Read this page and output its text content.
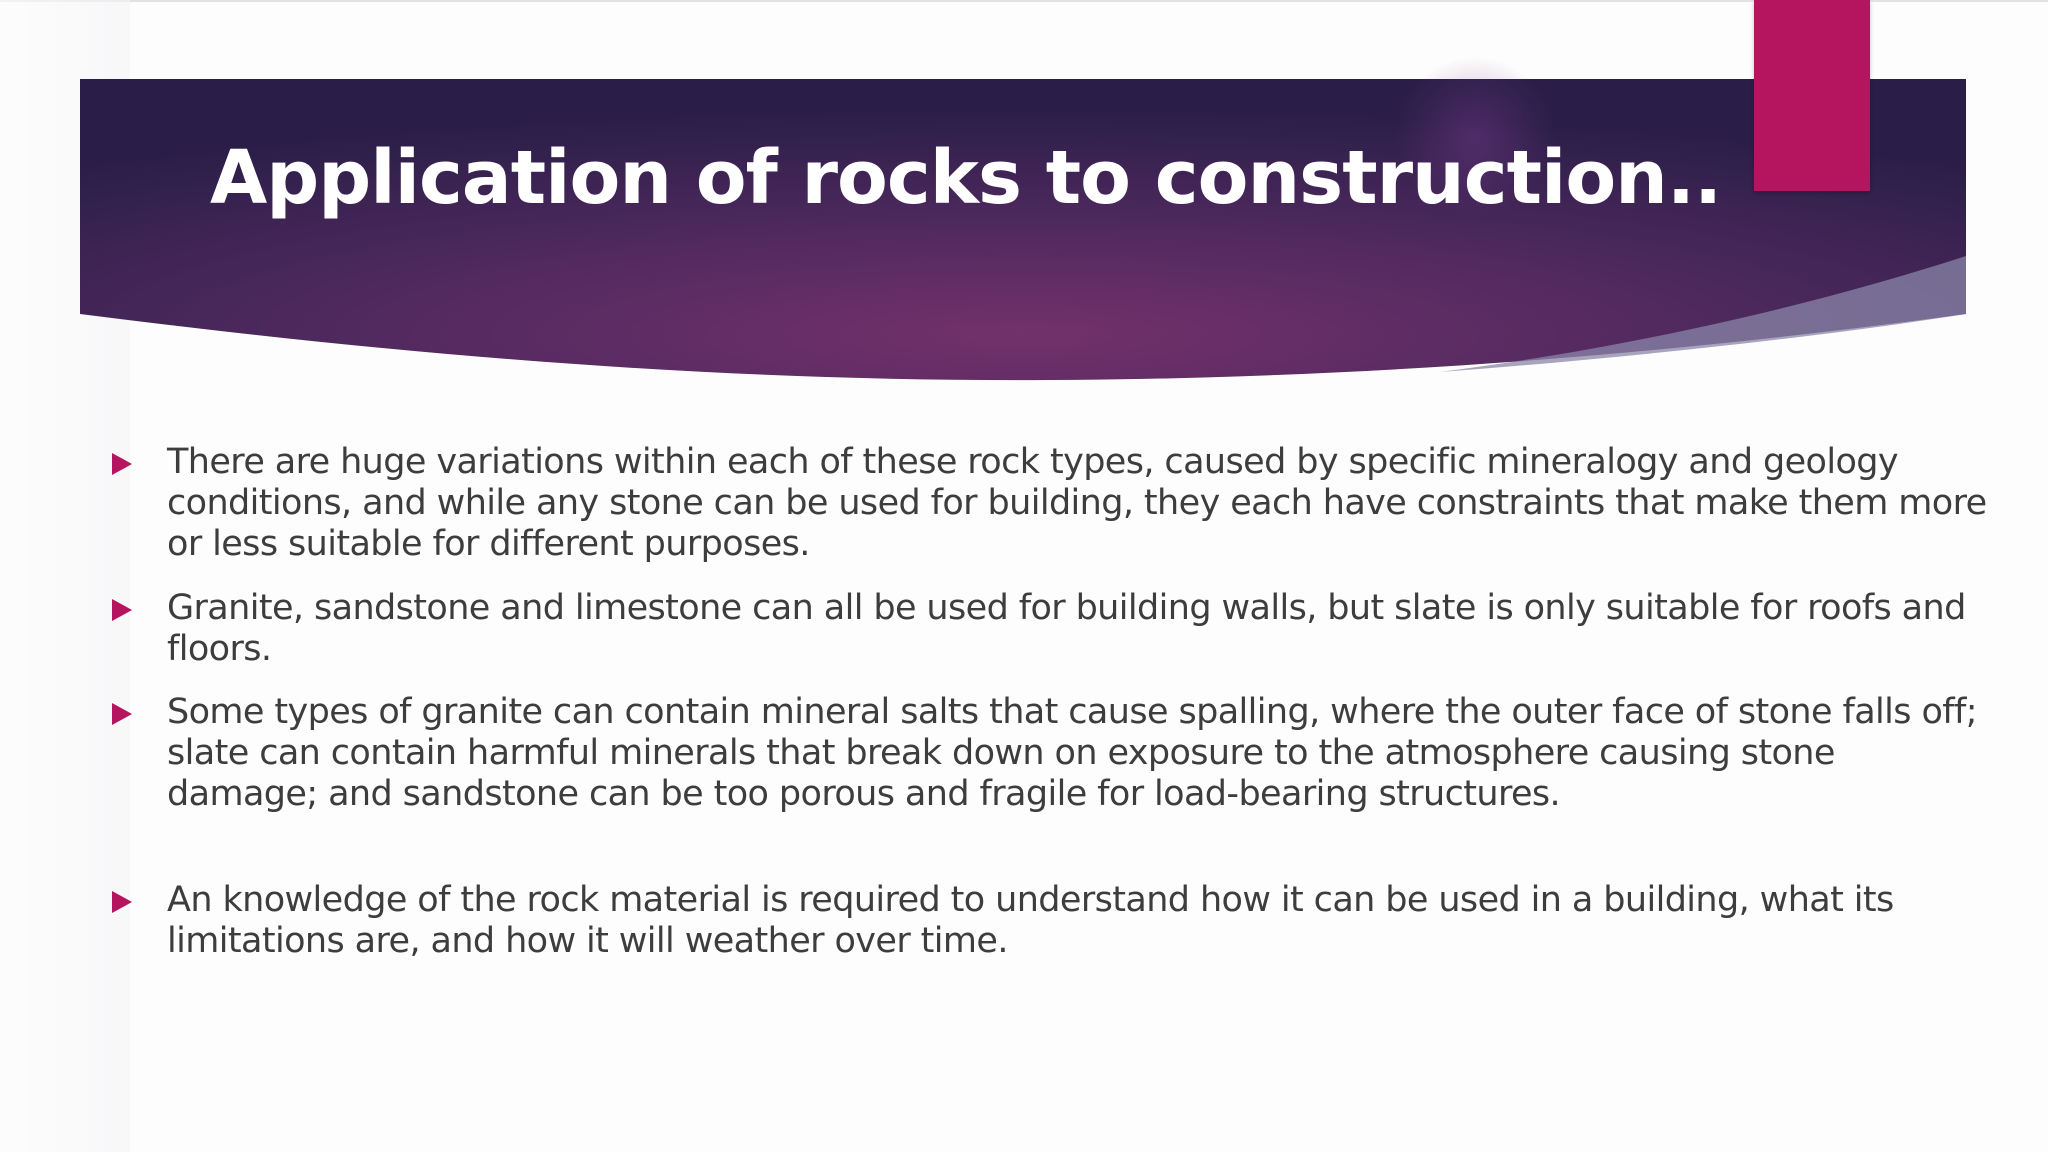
Application of rocks to construction..
There are huge variations within each of these rock types, caused by specific mineralogy and geology conditions, and while any stone can be used for building, they each have constraints that make them more or less suitable for different purposes.
Granite, sandstone and limestone can all be used for building walls, but slate is only suitable for roofs and floors.
Some types of granite can contain mineral salts that cause spalling, where the outer face of stone falls off; slate can contain harmful minerals that break down on exposure to the atmosphere causing stone damage; and sandstone can be too porous and fragile for load-bearing structures.
An knowledge of the rock material is required to understand how it can be used in a building, what its limitations are, and how it will weather over time.
